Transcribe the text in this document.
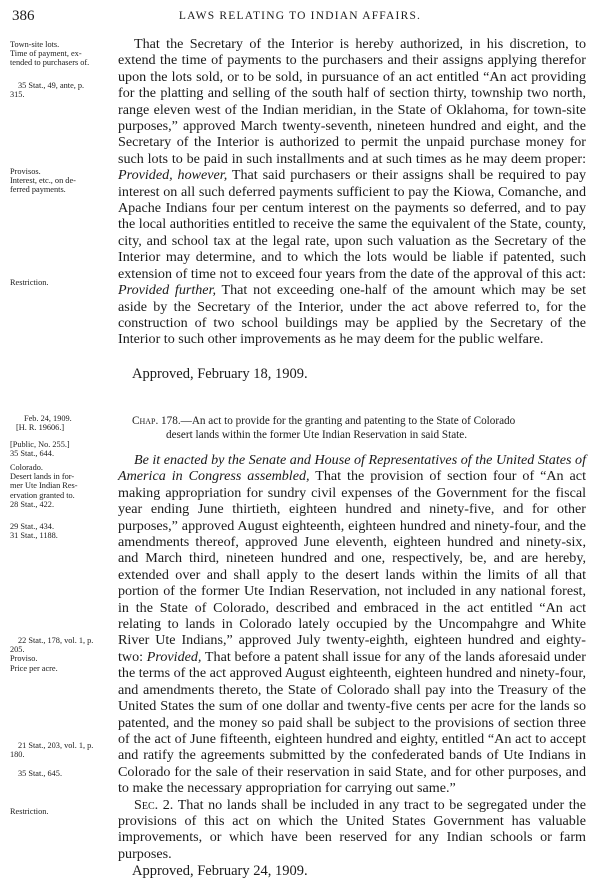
386	LAWS RELATING TO INDIAN AFFAIRS.
Town-site lots.
Time of payment, ex-
tended to purchasers of.
35 Stat., 49, ante, p.
315.
Provisos.
Interest, etc., on de-
ferred payments.
Restriction.

That the Secretary of the Interior is hereby authorized, in his discretion, to extend the time of payments to the purchasers and their assigns applying therefor upon the lots sold, or to be sold, in pursuance of an act entitled “An act providing for the platting and selling of the south half of section thirty, township two north, range eleven west of the Indian meridian, in the State of Oklahoma, for town-site purposes,” approved March twenty-seventh, nineteen hundred and eight, and the Secretary of the Interior is authorized to permit the unpaid purchase money for such lots to be paid in such installments and at such times as he may deem proper: Provided, however, That said purchasers or their assigns shall be required to pay interest on all such deferred payments sufficient to pay the Kiowa, Comanche, and Apache Indians four per centum interest on the payments so deferred, and to pay the local authorities entitled to receive the same the equivalent of the State, county, city, and school tax at the legal rate, upon such valuation as the Secretary of the Interior may determine, and to which the lots would be liable if patented, such extension of time not to exceed four years from the date of the approval of this act: Provided further, That not exceeding one-half of the amount which may be set aside by the Secretary of the Interior, under the act above referred to, for the construction of two school buildings may be applied by the Secretary of the Interior to such other improvements as he may deem for the public welfare.

Approved, February 18, 1909.
Feb. 24, 1909.
[H. R. 19606.]
[Public, No. 255.]
35 Stat., 644.
Colorado.
Desert lands in for-
mer Ute Indian Res-
ervation granted to.
28 Stat., 422.
29 Stat., 434.
31 Stat., 1188.
22 Stat., 178, vol. 1, p.
205.
Proviso.
Price per acre.
21 Stat., 203, vol. 1, p.
180.
35 Stat., 645.
Restriction.
Chap. 178.—An act to provide for the granting and patenting to the State of Colorado
desert lands within the former Ute Indian Reservation in said State.

Be it enacted by the Senate and House of Representatives of the United States of America in Congress assembled, That the provision of section four of “An act making appropriation for sundry civil expenses of the Government for the fiscal year ending June thirtieth, eighteen hundred and ninety-five, and for other purposes,” approved August eighteenth, eighteen hundred and ninety-four, and the amendments thereof, approved June eleventh, eighteen hundred and ninety-six, and March third, nineteen hundred and one, respectively, be, and are hereby, extended over and shall apply to the desert lands within the limits of all that portion of the former Ute Indian Reservation, not included in any national forest, in the State of Colorado, described and embraced in the act entitled “An act relating to lands in Colorado lately occupied by the Uncompahgre and White River Ute Indians,” approved July twenty-eighth, eighteen hundred and eighty-two: Provided, That before a patent shall issue for any of the lands aforesaid under the terms of the act approved August eighteenth, eighteen hundred and ninety-four, and amendments thereto, the State of Colorado shall pay into the Treasury of the United States the sum of one dollar and twenty-five cents per acre for the lands so patented, and the money so paid shall be subject to the provisions of section three of the act of June fifteenth, eighteen hundred and eighty, entitled “An act to accept and ratify the agreements submitted by the confederated bands of Ute Indians in Colorado for the sale of their reservation in said State, and for other purposes, and to make the necessary appropriation for carrying out same.”

Sec. 2. That no lands shall be included in any tract to be segregated under the provisions of this act on which the United States Government has valuable improvements, or which have been reserved for any Indian schools or farm purposes.

Approved, February 24, 1909.
